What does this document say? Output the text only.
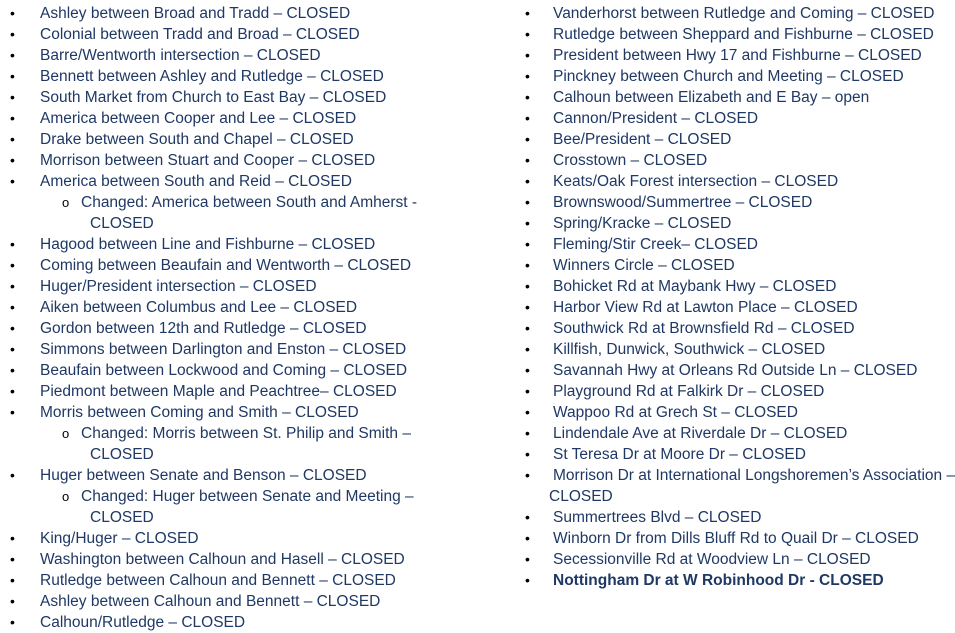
•	Ashley between Broad and Tradd – CLOSED
•	Colonial between Tradd and Broad – CLOSED
•	Barre/Wentworth intersection – CLOSED
•	Bennett between Ashley and Rutledge – CLOSED
•	South Market from Church to East Bay – CLOSED
•	America between Cooper and Lee – CLOSED
•	Drake between South and Chapel – CLOSED
•	Morrison between Stuart and Cooper – CLOSED
•	America between South and Reid – CLOSED
o Changed: America between South and Amherst -
CLOSED
•	Hagood between Line and Fishburne – CLOSED
•	Coming between Beaufain and Wentworth – CLOSED
•	Huger/President intersection – CLOSED
•	Aiken between Columbus and Lee – CLOSED
•	Gordon between 12th and Rutledge – CLOSED
•	Simmons between Darlington and Enston – CLOSED
•	Beaufain between Lockwood and Coming – CLOSED
•	Piedmont between Maple and Peachtree– CLOSED
•	Morris between Coming and Smith – CLOSED
o Changed: Morris between St. Philip and Smith –
CLOSED
•	Huger between Senate and Benson – CLOSED
o Changed: Huger between Senate and Meeting –
CLOSED
•	King/Huger – CLOSED
•	Washington between Calhoun and Hasell – CLOSED
•	Rutledge between Calhoun and Bennett – CLOSED
•	Ashley between Calhoun and Bennett – CLOSED
•	Calhoun/Rutledge – CLOSED
•	Vanderhorst between Rutledge and Coming – CLOSED
•	Rutledge between Sheppard and Fishburne – CLOSED
•	President between Hwy 17 and Fishburne – CLOSED
•	Pinckney between Church and Meeting – CLOSED
•	Calhoun between Elizabeth and E Bay – open
•	Cannon/President – CLOSED
•	Bee/President – CLOSED
•	Crosstown – CLOSED
•	Keats/Oak Forest intersection – CLOSED
•	Brownswood/Summertree – CLOSED
•	Spring/Kracke – CLOSED
•	Fleming/Stir Creek– CLOSED
•	Winners Circle – CLOSED
•	Bohicket Rd at Maybank Hwy – CLOSED
•	Harbor View Rd at Lawton Place – CLOSED
•	Southwick Rd at Brownsfield Rd – CLOSED
•	Killfish, Dunwick, Southwick – CLOSED
•	Savannah Hwy at Orleans Rd Outside Ln – CLOSED
•	Playground Rd at Falkirk Dr – CLOSED
•	Wappoo Rd at Grech St – CLOSED
•	Lindendale Ave at Riverdale Dr – CLOSED
•	St Teresa Dr at Moore Dr – CLOSED
•	Morrison Dr at International Longshoremen’s Association –
CLOSED
•	Summertrees Blvd – CLOSED
•	Winborn Dr from Dills Bluff Rd to Quail Dr – CLOSED
•	Secessionville Rd at Woodview Ln – CLOSED
•	Nottingham Dr at W Robinhood Dr - CLOSED
